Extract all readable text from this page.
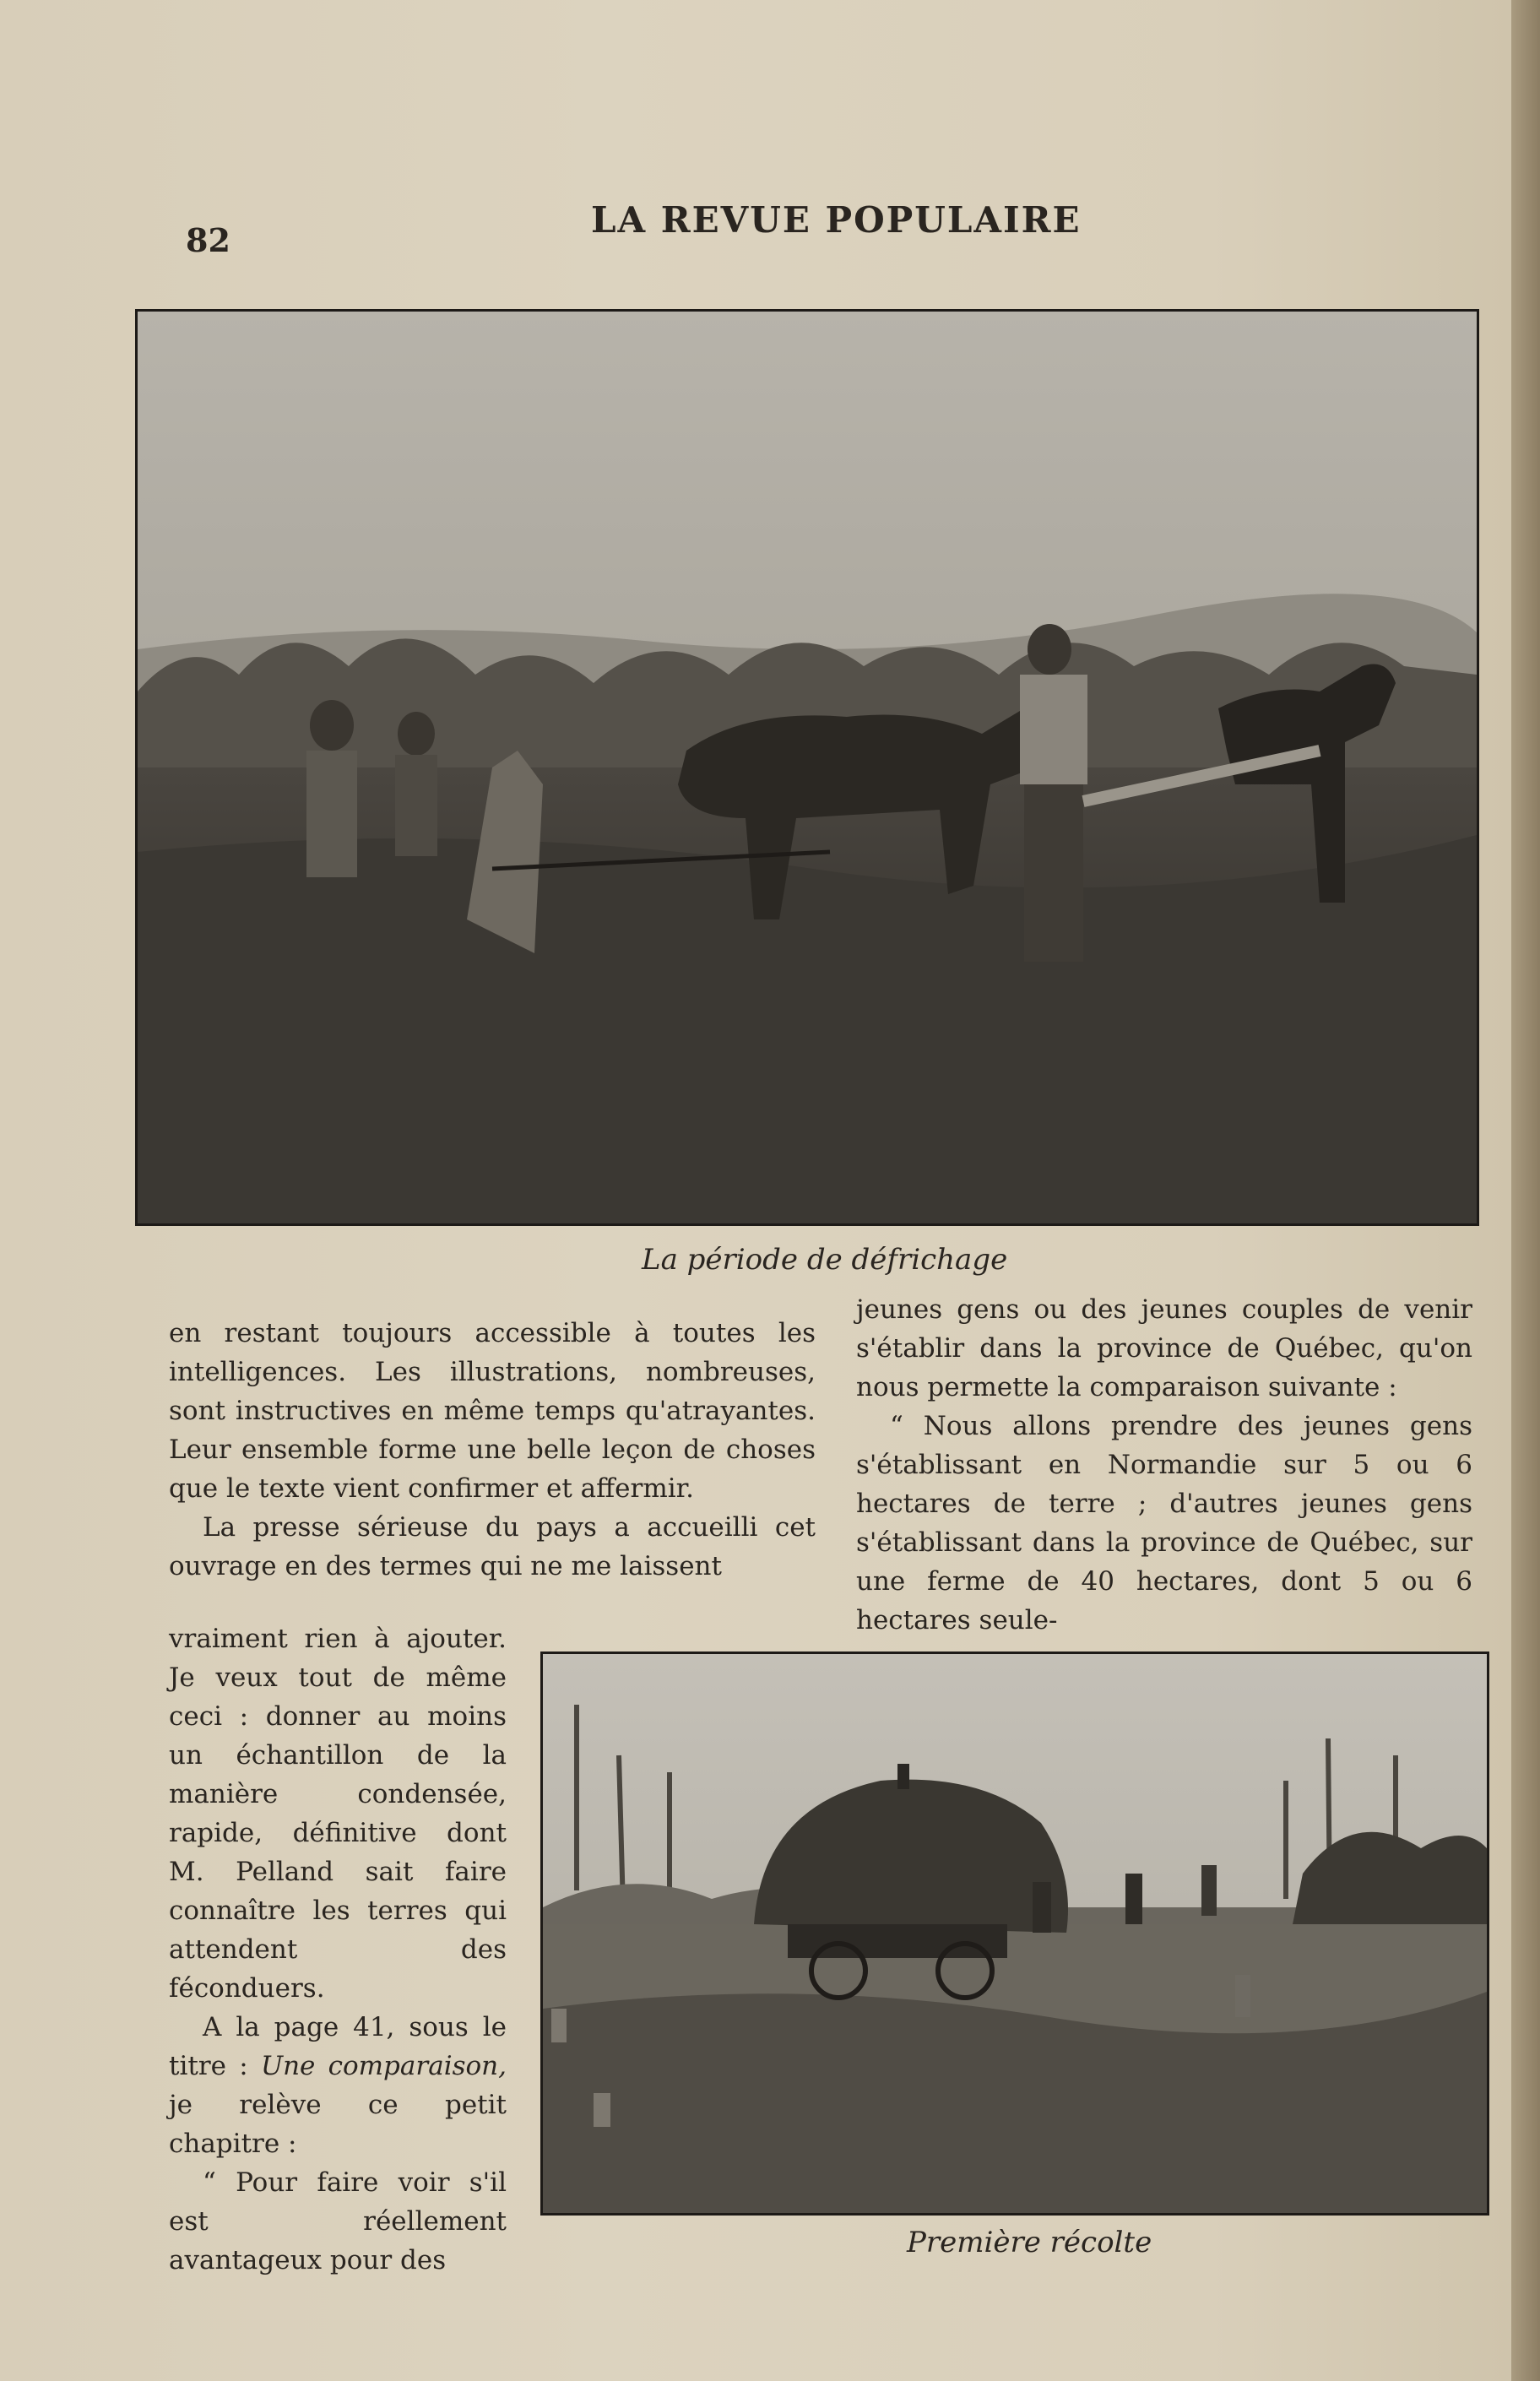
82	LA REVUE POPULAIRE
La période de défrichage

en restant toujours accessible à toutes les intelligences. Les illustrations, nombreuses, sont instructives en même temps qu'atrayantes. Leur ensemble forme une belle leçon de choses que le texte vient confirmer et affermir.

La presse sérieuse du pays a accueilli cet ouvrage en des termes qui ne me laissent

vraiment rien à ajouter. Je veux tout de même ceci : donner au moins un échantillon de la manière condensée, rapide, définitive dont M. Pelland sait faire connaître les terres qui attendent des féconduers.

A la page 41, sous le titre : Une comparaison, je relève ce petit chapitre :

“ Pour faire voir s'il est réellement avantageux pour des

jeunes gens ou des jeunes couples de venir s'établir dans la province de Québec, qu'on nous permette la comparaison suivante :

“ Nous allons prendre des jeunes gens s'établissant en Normandie sur 5 ou 6 hectares de terre ; d'autres jeunes gens s'établissant dans la province de Québec, sur une ferme de 40 hectares, dont 5 ou 6 hectares seule-

Première récolte
